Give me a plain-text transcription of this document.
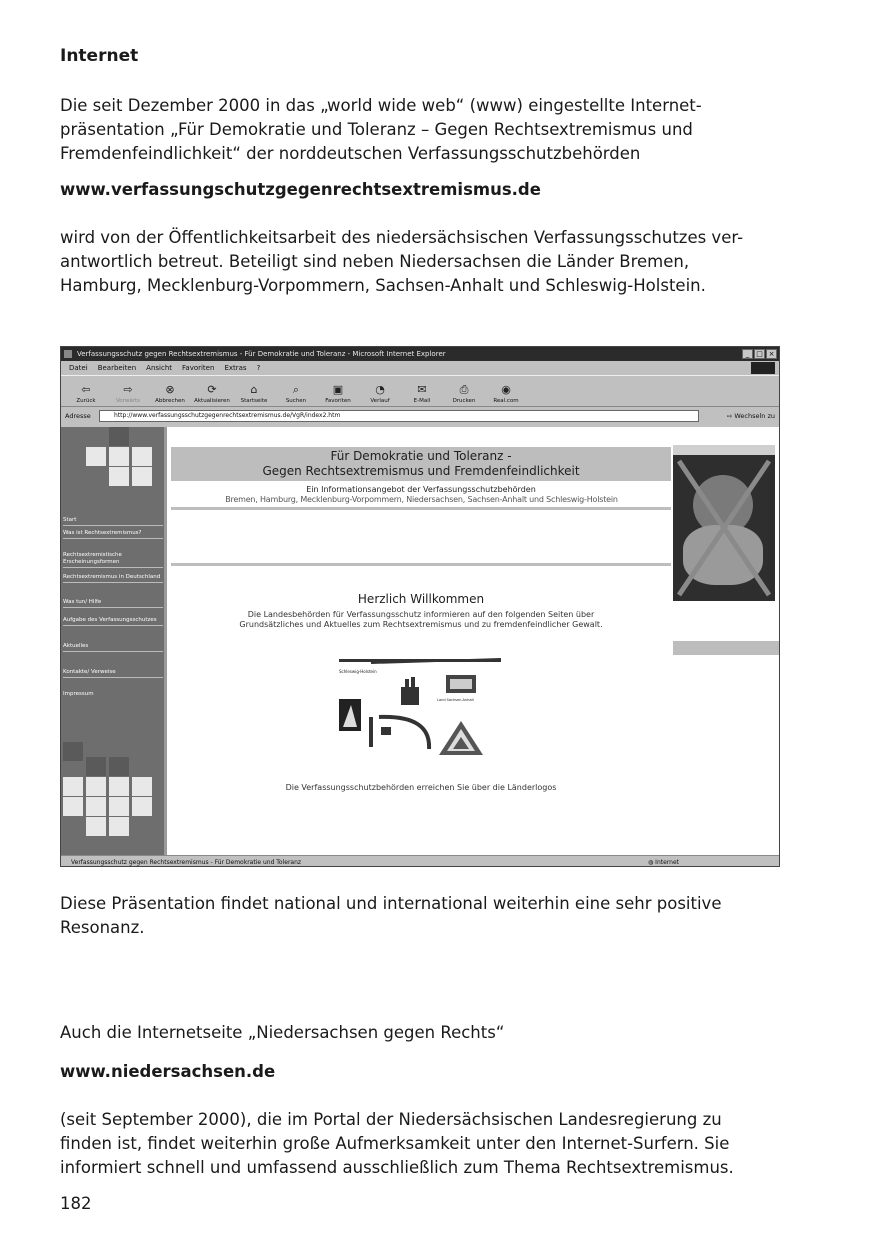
Internet
Die seit Dezember 2000 in das „world wide web“ (www) eingestellte Internet-
präsentation „Für Demokratie und Toleranz – Gegen Rechtsextremismus und
Fremdenfeindlichkeit“ der norddeutschen Verfassungsschutzbehörden
www.verfassungschutzgegenrechtsextremismus.de
wird von der Öffentlichkeitsarbeit des niedersächsischen Verfassungsschutzes ver-
antwortlich betreut. Beteiligt sind neben Niedersachsen die Länder Bremen,
Hamburg, Mecklenburg-Vorpommern, Sachsen-Anhalt und Schleswig-Holstein.
Verfassungsschutz gegen Rechtsextremismus - Für Demokratie und Toleranz - Microsoft Internet Explorer	_ □ ×
Datei Bearbeiten Ansicht Favoriten Extras ?
⇦
Zurück
⇨
Vorwärts
⊗
Abbrechen
⟳
Aktualisieren
⌂
Startseite
⌕
Suchen
▣
Favoriten
◔
Verlauf
✉
E-Mail
⎙
Drucken
◉
Real.com
Adresse	http://www.verfassungsschutzgegenrechtsextremismus.de/VgR/index2.htm	⇨ Wechseln zu
Start
Was ist Rechtsextremismus?
Rechtsextremistische Erscheinungsformen
Rechtsextremismus in Deutschland
Was tun/ Hilfe
Aufgabe des Verfassungsschutzes
Aktuelles
Kontakte/ Verweise
Impressum
Für Demokratie und Toleranz -
Gegen Rechtsextremismus und Fremdenfeindlichkeit
Ein Informationsangebot der Verfassungsschutzbehörden
Bremen, Hamburg, Mecklenburg-Vorpommern, Niedersachsen, Sachsen-Anhalt und Schleswig-Holstein
Herzlich Willkommen
Die Landesbehörden für Verfassungsschutz informieren auf den folgenden Seiten über
Grundsätzliches und Aktuelles zum Rechtsextremismus und zu fremdenfeindlicher Gewalt.
Schleswig-Holstein
Land Sachsen-Anhalt
Die Verfassungsschutzbehörden erreichen Sie über die Länderlogos
Verfassungsschutz gegen Rechtsextremismus - Für Demokratie und Toleranz	◍ Internet
Diese Präsentation findet national und international weiterhin eine sehr positive
Resonanz.
Auch die Internetseite „Niedersachsen gegen Rechts“
www.niedersachsen.de
(seit September 2000), die im Portal der Niedersächsischen Landesregierung zu
finden ist, findet weiterhin große Aufmerksamkeit unter den Internet-Surfern. Sie
informiert schnell und umfassend ausschließlich zum Thema Rechtsextremismus.
182
